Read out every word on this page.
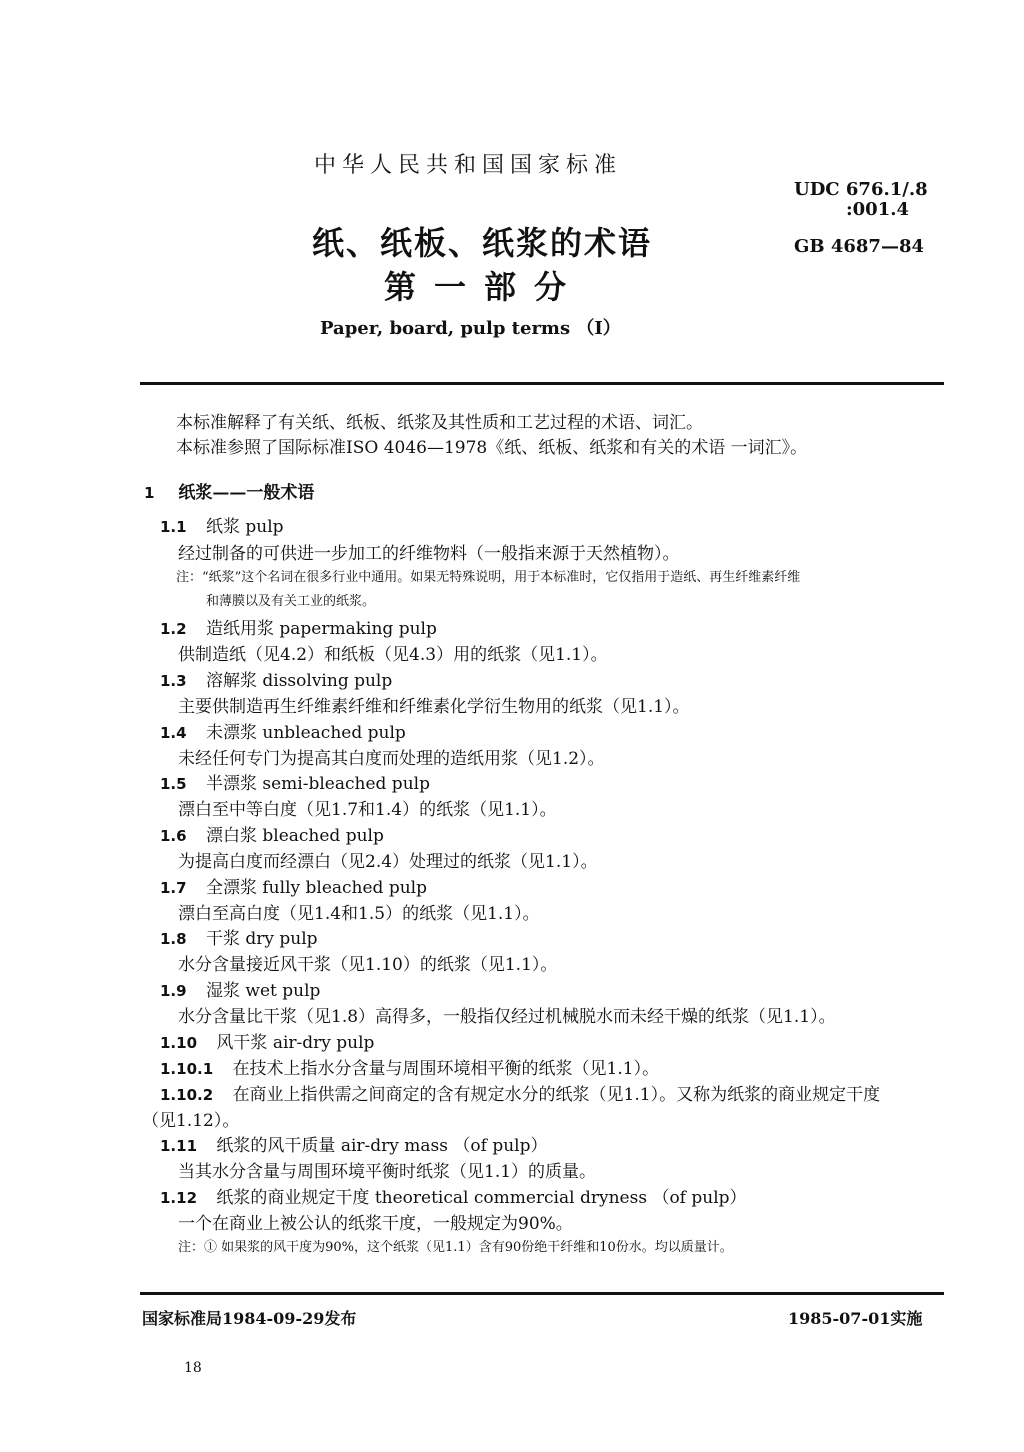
中华人民共和国国家标准
纸、纸板、纸浆的术语
第一部分
Paper, board, pulp terms （Ⅰ）
UDC 676.1/.8
:001.4
GB 4687—84
本标准解释了有关纸、纸板、纸浆及其性质和工艺过程的术语、词汇。
本标准参照了国际标准ISO 4046—1978《纸、纸板、纸浆和有关的术语 一词汇》。
1 纸浆——一般术语
1.1 纸浆 pulp
经过制备的可供进一步加工的纤维物料（一般指来源于天然植物）。
注：“纸浆”这个名词在很多行业中通用。如果无特殊说明，用于本标准时，它仅指用于造纸、再生纤维素纤维
和薄膜以及有关工业的纸浆。
1.2 造纸用浆 papermaking pulp
供制造纸（见4.2）和纸板（见4.3）用的纸浆（见1.1）。
1.3 溶解浆 dissolving pulp
主要供制造再生纤维素纤维和纤维素化学衍生物用的纸浆（见1.1）。
1.4 未漂浆 unbleached pulp
未经任何专门为提高其白度而处理的造纸用浆（见1.2）。
1.5 半漂浆 semi-bleached pulp
漂白至中等白度（见1.7和1.4）的纸浆（见1.1）。
1.6 漂白浆 bleached pulp
为提高白度而经漂白（见2.4）处理过的纸浆（见1.1）。
1.7 全漂浆 fully bleached pulp
漂白至高白度（见1.4和1.5）的纸浆（见1.1）。
1.8 干浆 dry pulp
水分含量接近风干浆（见1.10）的纸浆（见1.1）。
1.9 湿浆 wet pulp
水分含量比干浆（见1.8）高得多，一般指仅经过机械脱水而未经干燥的纸浆（见1.1）。
1.10 风干浆 air-dry pulp
1.10.1 在技术上指水分含量与周围环境相平衡的纸浆（见1.1）。
1.10.2 在商业上指供需之间商定的含有规定水分的纸浆（见1.1）。又称为纸浆的商业规定干度
（见1.12）。
1.11 纸浆的风干质量 air-dry mass （of pulp）
当其水分含量与周围环境平衡时纸浆（见1.1）的质量。
1.12 纸浆的商业规定干度 theoretical commercial dryness （of pulp）
一个在商业上被公认的纸浆干度，一般规定为90%。
注：① 如果浆的风干度为90%，这个纸浆（见1.1）含有90份绝干纤维和10份水。均以质量计。
国家标准局1984-09-29发布	1985-07-01实施
18
